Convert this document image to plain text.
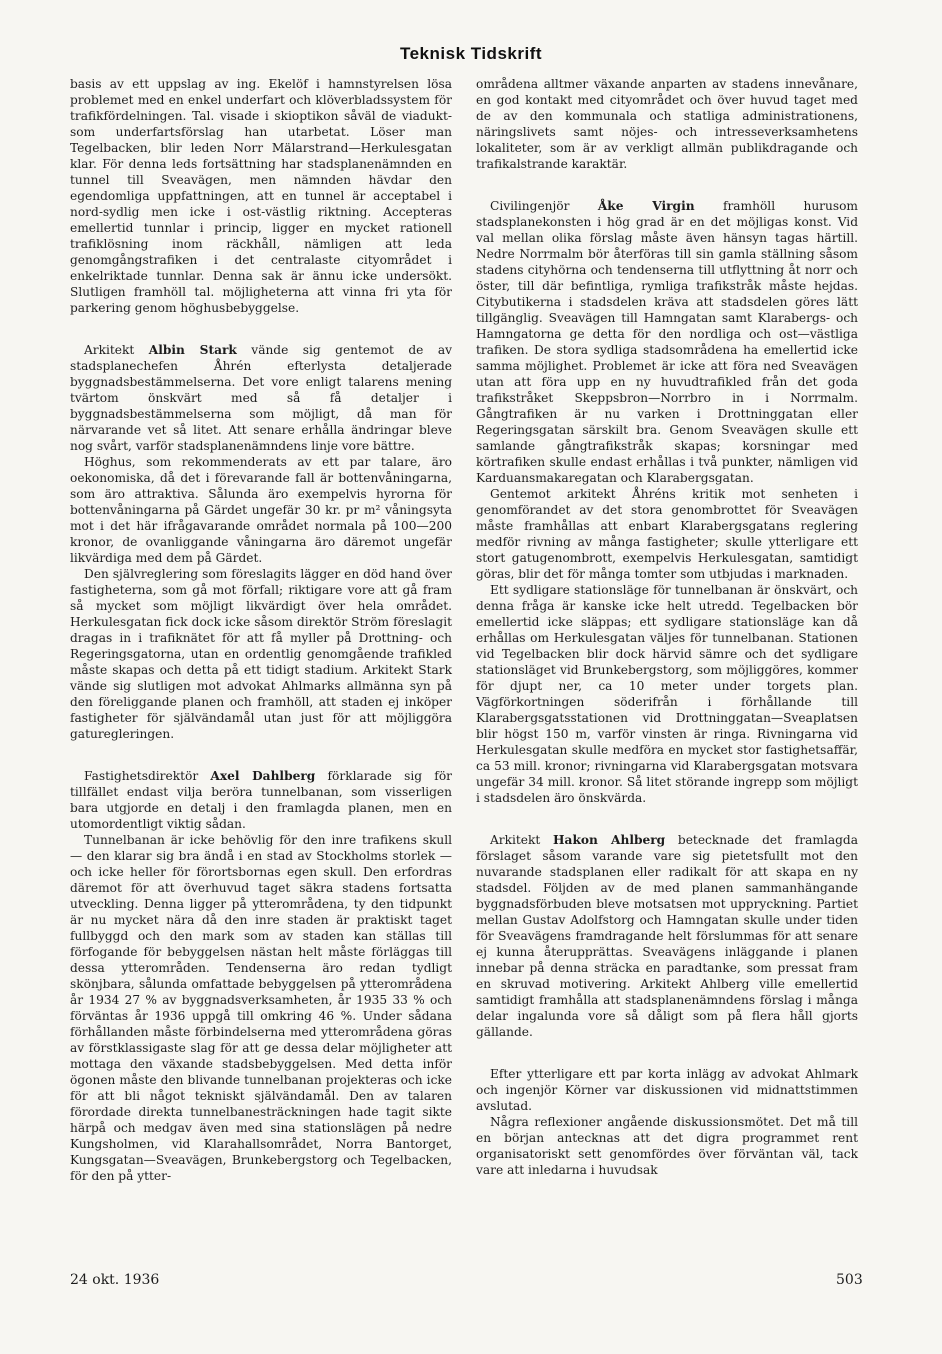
Teknisk Tidskrift

basis av ett uppslag av ing. Ekelöf i hamnstyrelsen lösa problemet med en enkel underfart och klöverbladssystem för trafikfördelningen. Tal. visade i skioptikon såväl de viadukt- som underfartsförslag han utarbetat. Löser man Tegelbacken, blir leden Norr Mälarstrand—Herkulesgatan klar. För denna leds fortsättning har stadsplanenämnden en tunnel till Sveavägen, men nämnden hävdar den egendomliga uppfattningen, att en tunnel är acceptabel i nord-sydlig men icke i ost-västlig riktning. Accepteras emellertid tunnlar i princip, ligger en mycket rationell trafiklösning inom räckhåll, nämligen att leda genomgångstrafiken i det centralaste cityområdet i enkelriktade tunnlar. Denna sak är ännu icke undersökt. Slutligen framhöll tal. möjligheterna att vinna fri yta för parkering genom höghusbebyggelse.

Arkitekt Albin Stark vände sig gentemot de av stadsplanechefen Åhrén efterlysta detaljerade byggnadsbestämmelserna. Det vore enligt talarens mening tvärtom önskvärt med så få detaljer i byggnadsbestämmelserna som möjligt, då man för närvarande vet så litet. Att senare erhålla ändringar bleve nog svårt, varför stadsplanenämndens linje vore bättre.

Höghus, som rekommenderats av ett par talare, äro oekonomiska, då det i förevarande fall är bottenvåningarna, som äro attraktiva. Sålunda äro exempelvis hyrorna för bottenvåningarna på Gärdet ungefär 30 kr. pr m² våningsyta mot i det här ifrågavarande området normala på 100—200 kronor, de ovanliggande våningarna äro däremot ungefär likvärdiga med dem på Gärdet.

Den självreglering som föreslagits lägger en död hand över fastigheterna, som gå mot förfall; riktigare vore att gå fram så mycket som möjligt likvärdigt över hela området. Herkulesgatan fick dock icke såsom direktör Ström föreslagit dragas in i trafiknätet för att få myller på Drottning- och Regeringsgatorna, utan en ordentlig genomgående trafikled måste skapas och detta på ett tidigt stadium. Arkitekt Stark vände sig slutligen mot advokat Ahlmarks allmänna syn på den föreliggande planen och framhöll, att staden ej inköper fastigheter för självändamål utan just för att möjliggöra gaturegleringen.

Fastighetsdirektör Axel Dahlberg förklarade sig för tillfället endast vilja beröra tunnelbanan, som visserligen bara utgjorde en detalj i den framlagda planen, men en utomordentligt viktig sådan.

Tunnelbanan är icke behövlig för den inre trafikens skull — den klarar sig bra ändå i en stad av Stockholms storlek — och icke heller för förortsbornas egen skull. Den erfordras däremot för att överhuvud taget säkra stadens fortsatta utveckling. Denna ligger på ytterområdena, ty den tidpunkt är nu mycket nära då den inre staden är praktiskt taget fullbyggd och den mark som av staden kan ställas till förfogande för bebyggelsen nästan helt måste förläggas till dessa ytterområden. Tendenserna äro redan tydligt skönjbara, sålunda omfattade bebyggelsen på ytterområdena år 1934 27 % av byggnadsverksamheten, år 1935 33 % och förväntas år 1936 uppgå till omkring 46 %. Under sådana förhållanden måste förbindelserna med ytterområdena göras av förstklassigaste slag för att ge dessa delar möjligheter att mottaga den växande stadsbebyggelsen. Med detta inför ögonen måste den blivande tunnelbanan projekteras och icke för att bli något tekniskt självändamål. Den av talaren förordade direkta tunnelbanesträckningen hade tagit sikte härpå och medgav även med sina stationslägen på nedre Kungsholmen, vid Klarahallsområdet, Norra Bantorget, Kungsgatan—Sveavägen, Brunkebergstorg och Tegelbacken, för den på ytter-

områdena alltmer växande anparten av stadens innevånare, en god kontakt med cityområdet och över huvud taget med de av den kommunala och statliga administrationens, näringslivets samt nöjes- och intresseverksamhetens lokaliteter, som är av verkligt allmän publikdragande och trafikalstrande karaktär.

Civilingenjör Åke Virgin framhöll hurusom stadsplanekonsten i hög grad är en det möjligas konst. Vid val mellan olika förslag måste även hänsyn tagas härtill. Nedre Norrmalm bör återföras till sin gamla ställning såsom stadens cityhörna och tendenserna till utflyttning åt norr och öster, till där befintliga, rymliga trafikstråk måste hejdas. Citybutikerna i stadsdelen kräva att stadsdelen göres lätt tillgänglig. Sveavägen till Hamngatan samt Klarabergs- och Hamngatorna ge detta för den nordliga och ost—västliga trafiken. De stora sydliga stadsområdena ha emellertid icke samma möjlighet. Problemet är icke att föra ned Sveavägen utan att föra upp en ny huvudtrafikled från det goda trafikstråket Skeppsbron—Norrbro in i Norrmalm. Gångtrafiken är nu varken i Drottninggatan eller Regeringsgatan särskilt bra. Genom Sveavägen skulle ett samlande gångtrafikstråk skapas; korsningar med körtrafiken skulle endast erhållas i två punkter, nämligen vid Karduansmakaregatan och Klarabergsgatan.

Gentemot arkitekt Åhréns kritik mot senheten i genomförandet av det stora genombrottet för Sveavägen måste framhållas att enbart Klarabergsgatans reglering medför rivning av många fastigheter; skulle ytterligare ett stort gatugenombrott, exempelvis Herkulesgatan, samtidigt göras, blir det för många tomter som utbjudas i marknaden.

Ett sydligare stationsläge för tunnelbanan är önskvärt, och denna fråga är kanske icke helt utredd. Tegelbacken bör emellertid icke släppas; ett sydligare stationsläge kan då erhållas om Herkulesgatan väljes för tunnelbanan. Stationen vid Tegelbacken blir dock härvid sämre och det sydligare stationsläget vid Brunkebergstorg, som möjliggöres, kommer för djupt ner, ca 10 meter under torgets plan. Vägförkortningen söderifrån i förhållande till Klarabergsgatsstationen vid Drottninggatan—Sveaplatsen blir högst 150 m, varför vinsten är ringa. Rivningarna vid Herkulesgatan skulle medföra en mycket stor fastighetsaffär, ca 53 mill. kronor; rivningarna vid Klarabergsgatan motsvara ungefär 34 mill. kronor. Så litet störande ingrepp som möjligt i stadsdelen äro önskvärda.

Arkitekt Hakon Ahlberg betecknade det framlagda förslaget såsom varande vare sig pietetsfullt mot den nuvarande stadsplanen eller radikalt för att skapa en ny stadsdel. Följden av de med planen sammanhängande byggnadsförbuden bleve motsatsen mot uppryckning. Partiet mellan Gustav Adolfstorg och Hamngatan skulle under tiden för Sveavägens framdragande helt förslummas för att senare ej kunna återupprättas. Sveavägens inläggande i planen innebar på denna sträcka en paradtanke, som pressat fram en skruvad motivering. Arkitekt Ahlberg ville emellertid samtidigt framhålla att stadsplanenämndens förslag i många delar ingalunda vore så dåligt som på flera håll gjorts gällande.

Efter ytterligare ett par korta inlägg av advokat Ahlmark och ingenjör Körner var diskussionen vid midnattstimmen avslutad.

Några reflexioner angående diskussionsmötet. Det må till en början antecknas att det digra programmet rent organisatoriskt sett genomfördes över förväntan väl, tack vare att inledarna i huvudsak

24 okt. 1936	503
